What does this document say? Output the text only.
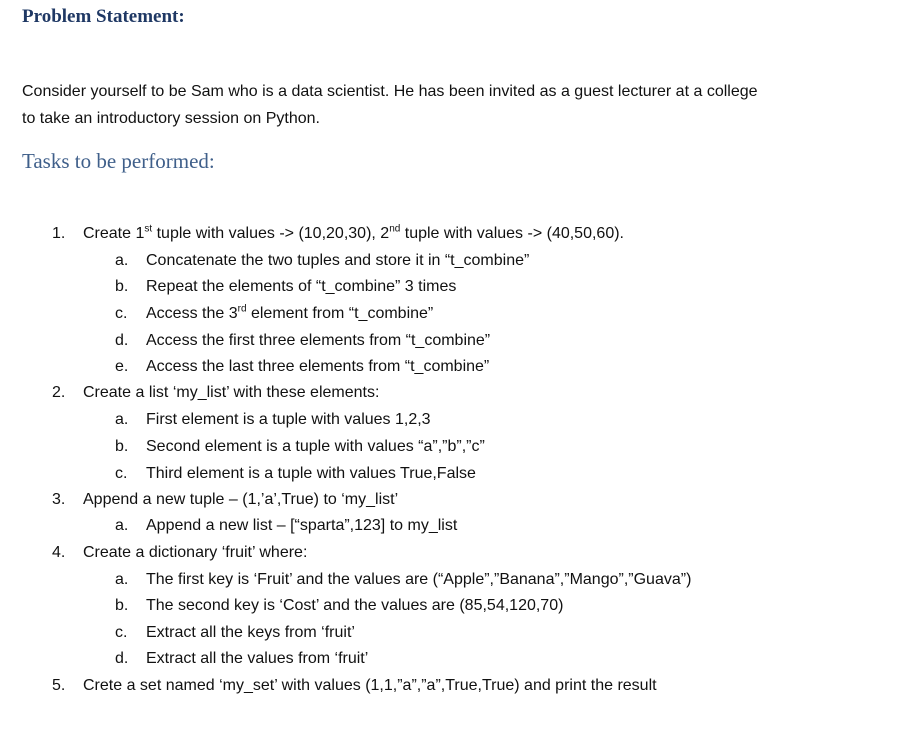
Problem Statement:
Consider yourself to be Sam who is a data scientist. He has been invited as a guest lecturer at a college
to take an introductory session on Python.
Tasks to be performed:
1. Create 1st tuple with values -> (10,20,30), 2nd tuple with values -> (40,50,60).
a. Concatenate the two tuples and store it in “t_combine”
b. Repeat the elements of “t_combine” 3 times
c. Access the 3rd element from “t_combine”
d. Access the first three elements from “t_combine”
e. Access the last three elements from “t_combine”
2. Create a list ‘my_list’ with these elements:
a. First element is a tuple with values 1,2,3
b. Second element is a tuple with values “a”,”b”,”c”
c. Third element is a tuple with values True,False
3. Append a new tuple – (1,’a’,True) to ‘my_list’
a. Append a new list – [“sparta”,123] to my_list
4. Create a dictionary ‘fruit’ where:
a. The first key is ‘Fruit’ and the values are (“Apple”,”Banana”,”Mango”,”Guava”)
b. The second key is ‘Cost’ and the values are (85,54,120,70)
c. Extract all the keys from ‘fruit’
d. Extract all the values from ‘fruit’
5. Crete a set named ‘my_set’ with values (1,1,”a”,”a”,True,True) and print the result
